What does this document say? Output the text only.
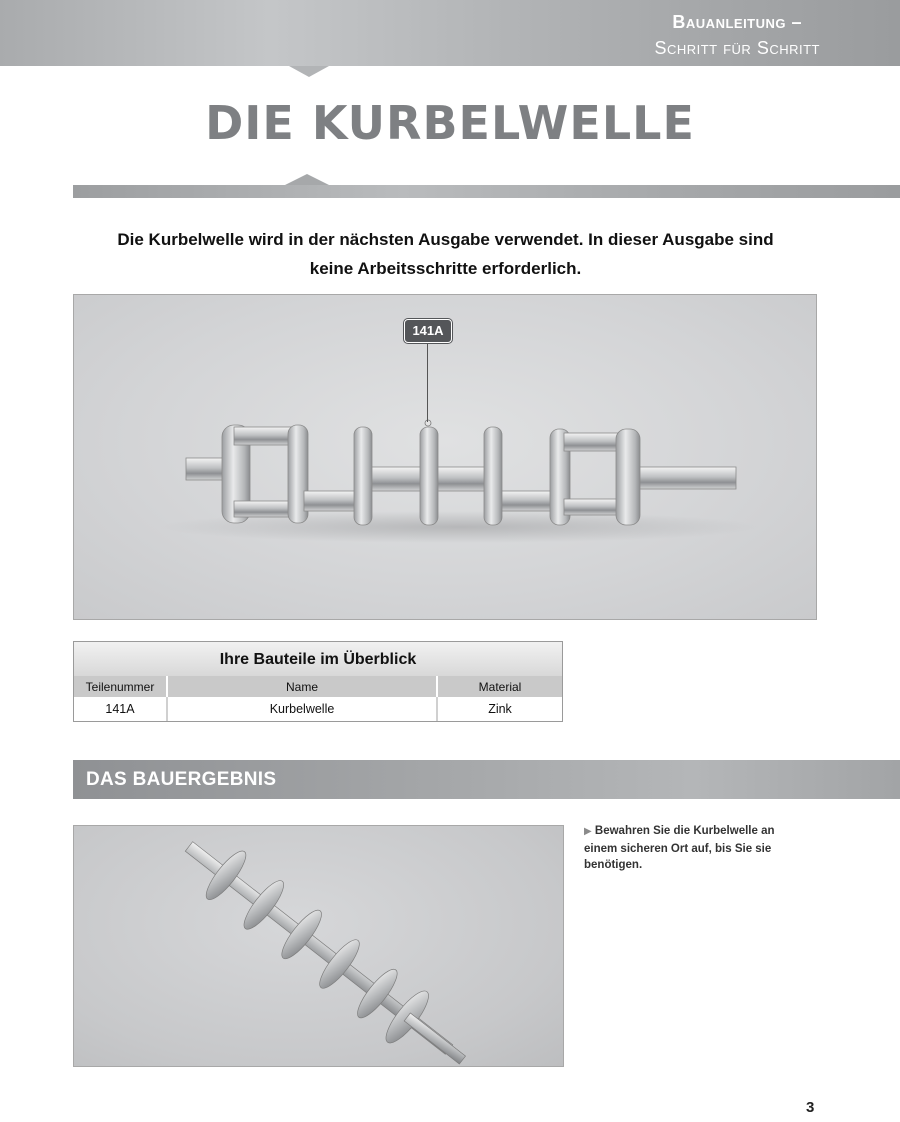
Bauanleitung –
Schritt für Schritt
DIE KURBELWELLE
Die Kurbelwelle wird in der nächsten Ausgabe verwendet. In dieser Ausgabe sind
keine Arbeitsschritte erforderlich.
141A
Ihre Bauteile im Überblick
Teilenummer	Name	Material
141A	Kurbelwelle	Zink
DAS BAUERGEBNIS
▶ Bewahren Sie die Kurbelwelle an einem sicheren Ort auf, bis Sie sie benötigen.
3
